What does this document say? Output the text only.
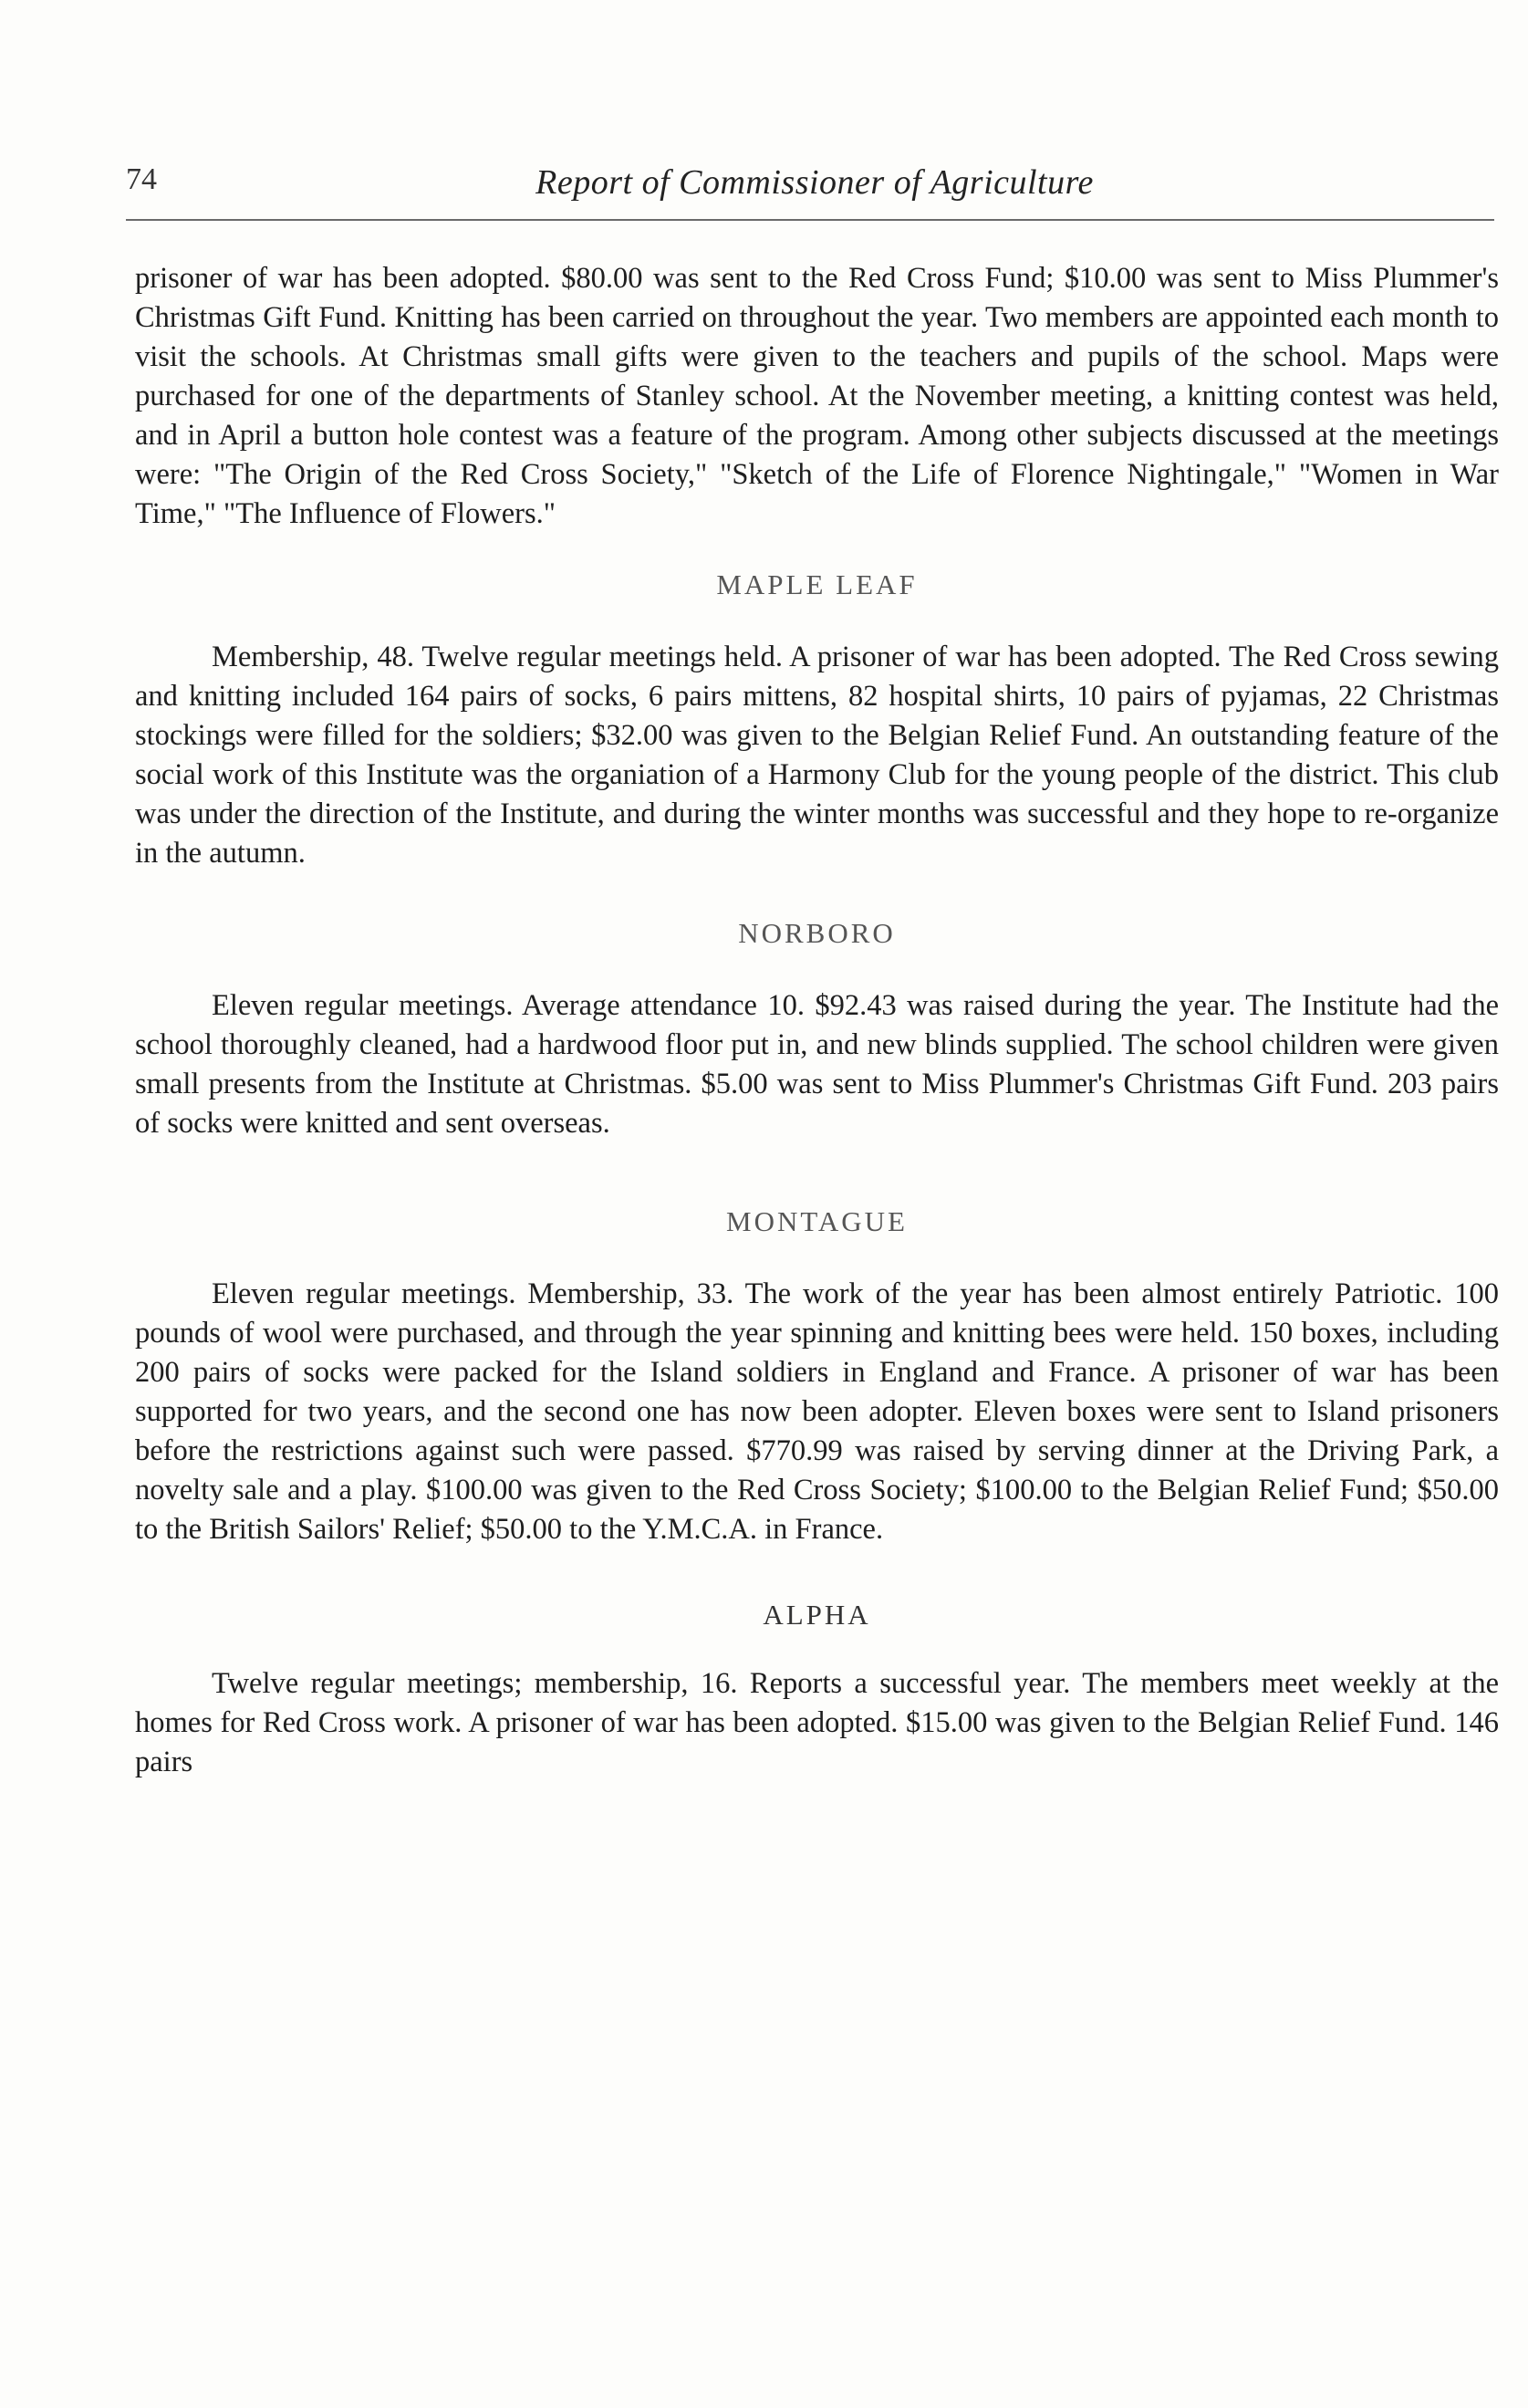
74	Report of Commissioner of Agriculture

prisoner of war has been adopted. $80.00 was sent to the Red Cross Fund; $10.00 was sent to Miss Plummer's Christmas Gift Fund. Knitting has been carried on throughout the year. Two members are appointed each month to visit the schools. At Christmas small gifts were given to the teachers and pupils of the school. Maps were purchased for one of the departments of Stanley school. At the November meeting, a knitting contest was held, and in April a button hole contest was a feature of the program. Among other subjects discussed at the meetings were: "The Origin of the Red Cross Society," "Sketch of the Life of Florence Nightingale," "Women in War Time," "The Influence of Flowers."

MAPLE LEAF

Membership, 48. Twelve regular meetings held. A prisoner of war has been adopted. The Red Cross sewing and knitting included 164 pairs of socks, 6 pairs mittens, 82 hospital shirts, 10 pairs of pyjamas, 22 Christmas stockings were filled for the soldiers; $32.00 was given to the Belgian Relief Fund. An outstanding feature of the social work of this Institute was the organiation of a Harmony Club for the young people of the district. This club was under the direction of the Institute, and during the winter months was successful and they hope to re-organize in the autumn.

NORBORO

Eleven regular meetings. Average attendance 10. $92.43 was raised during the year. The Institute had the school thoroughly cleaned, had a hardwood floor put in, and new blinds supplied. The school children were given small presents from the Institute at Christmas. $5.00 was sent to Miss Plummer's Christmas Gift Fund. 203 pairs of socks were knitted and sent overseas.

MONTAGUE

Eleven regular meetings. Membership, 33. The work of the year has been almost entirely Patriotic. 100 pounds of wool were purchased, and through the year spinning and knitting bees were held. 150 boxes, including 200 pairs of socks were packed for the Island soldiers in England and France. A prisoner of war has been supported for two years, and the second one has now been adopter. Eleven boxes were sent to Island prisoners before the restrictions against such were passed. $770.99 was raised by serving dinner at the Driving Park, a novelty sale and a play. $100.00 was given to the Red Cross Society; $100.00 to the Belgian Relief Fund; $50.00 to the British Sailors' Relief; $50.00 to the Y.M.C.A. in France.

ALPHA

Twelve regular meetings; membership, 16. Reports a successful year. The members meet weekly at the homes for Red Cross work. A prisoner of war has been adopted. $15.00 was given to the Belgian Relief Fund. 146 pairs
